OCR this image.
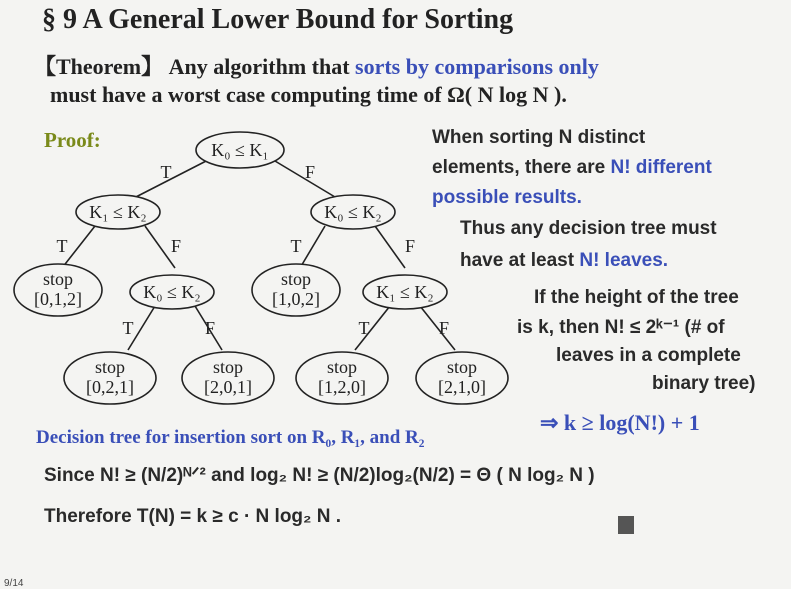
§ 9 A General Lower Bound for Sorting
【Theorem】 Any algorithm that sorts by comparisons only
must have a worst case computing time of Ω( N log N ).
Proof:	K₀ ≤ K₁
K₁ ≤ K₂	K₀ ≤ K₂
K₀ ≤ K₂	K₁ ≤ K₂
stop
[0,1,2]
stop
[1,0,2]
stop
[0,2,1]
stop
[2,0,1]
stop
[1,2,0]
stop
[2,1,0]
T	F
T	F	T	F
T	F	T	F
When sorting N distinct
elements, there are N! different
possible results.
Thus any decision tree must
have at least N! leaves.
If the height of the tree
is k, then N! ≤ 2ᵏ⁻¹ (# of
leaves in a complete
binary tree)
⇒ k ≥ log(N!) + 1
Decision tree for insertion sort on R₀, R₁, and R₂
Since N! ≥ (N/2)ᴺᐟ² and log₂ N! ≥ (N/2)log₂(N/2) = Θ ( N log₂ N )
Therefore T(N) = k ≥ c · N log₂ N .
9/14
